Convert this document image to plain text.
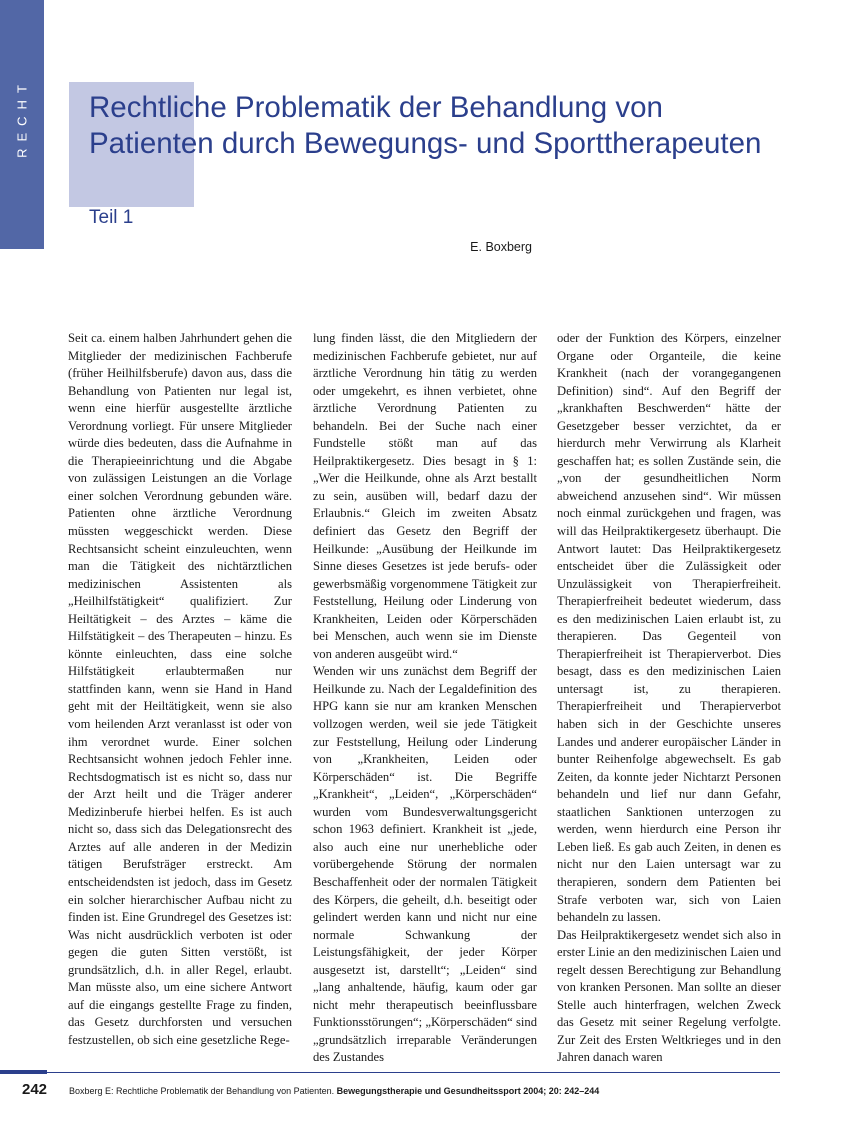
RECHT Rechtliche Problematik der Behandlung von Patienten durch Bewegungs- und Sporttherapeuten
Teil 1
E. Boxberg

Seit ca. einem halben Jahrhundert gehen die Mitglieder der medizinischen Fachberufe (früher Heilhilfsberufe) davon aus, dass die Behandlung von Patienten nur legal ist, wenn eine hierfür ausgestellte ärztliche Verordnung vorliegt. Für unsere Mitglieder würde dies bedeuten, dass die Aufnahme in die Therapieeinrichtung und die Abgabe von zulässigen Leistungen an die Vorlage einer solchen Verordnung gebunden wäre. Patienten ohne ärztliche Verordnung müssten weggeschickt werden. Diese Rechtsansicht scheint einzuleuchten, wenn man die Tätigkeit des nichtärztlichen medizinischen Assistenten als „Heilhilfstätigkeit“ qualifiziert. Zur Heiltätigkeit – des Arztes – käme die Hilfstätigkeit – des Therapeuten – hinzu. Es könnte einleuchten, dass eine solche Hilfstätigkeit erlaubtermaßen nur stattfinden kann, wenn sie Hand in Hand geht mit der Heiltätigkeit, wenn sie also vom heilenden Arzt veranlasst ist oder von ihm verordnet wurde. Einer solchen Rechtsansicht wohnen jedoch Fehler inne. Rechtsdogmatisch ist es nicht so, dass nur der Arzt heilt und die Träger anderer Medizinberufe hierbei helfen. Es ist auch nicht so, dass sich das Delegationsrecht des Arztes auf alle anderen in der Medizin tätigen Berufsträger erstreckt. Am entscheidendsten ist jedoch, dass im Gesetz ein solcher hierarchischer Aufbau nicht zu finden ist. Eine Grundregel des Gesetzes ist: Was nicht ausdrücklich verboten ist oder gegen die guten Sitten verstößt, ist grundsätzlich, d.h. in aller Regel, erlaubt. Man müsste also, um eine sichere Antwort auf die eingangs gestellte Frage zu finden, das Gesetz durchforsten und versuchen festzustellen, ob sich eine gesetzliche Rege-

lung finden lässt, die den Mitgliedern der medizinischen Fachberufe gebietet, nur auf ärztliche Verordnung hin tätig zu werden oder umgekehrt, es ihnen verbietet, ohne ärztliche Verordnung Patienten zu behandeln. Bei der Suche nach einer Fundstelle stößt man auf das Heilpraktikergesetz. Dies besagt in § 1: „Wer die Heilkunde, ohne als Arzt bestallt zu sein, ausüben will, bedarf dazu der Erlaubnis.“ Gleich im zweiten Absatz definiert das Gesetz den Begriff der Heilkunde: „Ausübung der Heilkunde im Sinne dieses Gesetzes ist jede berufs- oder gewerbsmäßig vorgenommene Tätigkeit zur Feststellung, Heilung oder Linderung von Krankheiten, Leiden oder Körperschäden bei Menschen, auch wenn sie im Dienste von anderen ausgeübt wird.“

Wenden wir uns zunächst dem Begriff der Heilkunde zu. Nach der Legaldefinition des HPG kann sie nur am kranken Menschen vollzogen werden, weil sie jede Tätigkeit zur Feststellung, Heilung oder Linderung von „Krankheiten, Leiden oder Körperschäden“ ist. Die Begriffe „Krankheit“, „Leiden“, „Körperschäden“ wurden vom Bundesverwaltungsgericht schon 1963 definiert. Krankheit ist „jede, also auch eine nur unerhebliche oder vorübergehende Störung der normalen Beschaffenheit oder der normalen Tätigkeit des Körpers, die geheilt, d.h. beseitigt oder gelindert werden kann und nicht nur eine normale Schwankung der Leistungsfähigkeit, der jeder Körper ausgesetzt ist, darstellt“; „Leiden“ sind „lang anhaltende, häufig, kaum oder gar nicht mehr therapeutisch beeinflussbare Funktionsstörungen“; „Körperschäden“ sind „grundsätzlich irreparable Veränderungen des Zustandes

oder der Funktion des Körpers, einzelner Organe oder Organteile, die keine Krankheit (nach der vorangegangenen Definition) sind“. Auf den Begriff der „krankhaften Beschwerden“ hätte der Gesetzgeber besser verzichtet, da er hierdurch mehr Verwirrung als Klarheit geschaffen hat; es sollen Zustände sein, die „von der gesundheitlichen Norm abweichend anzusehen sind“. Wir müssen noch einmal zurückgehen und fragen, was will das Heilpraktikergesetz überhaupt. Die Antwort lautet: Das Heilpraktikergesetz entscheidet über die Zulässigkeit oder Unzulässigkeit von Therapierfreiheit. Therapierfreiheit bedeutet wiederum, dass es den medizinischen Laien erlaubt ist, zu therapieren. Das Gegenteil von Therapierfreiheit ist Therapierverbot. Dies besagt, dass es den medizinischen Laien untersagt ist, zu therapieren. Therapierfreiheit und Therapierverbot haben sich in der Geschichte unseres Landes und anderer europäischer Länder in bunter Reihenfolge abgewechselt. Es gab Zeiten, da konnte jeder Nichtarzt Personen behandeln und lief nur dann Gefahr, staatlichen Sanktionen unterzogen zu werden, wenn hierdurch eine Person ihr Leben ließ. Es gab auch Zeiten, in denen es nicht nur den Laien untersagt war zu therapieren, sondern dem Patienten bei Strafe verboten war, sich von Laien behandeln zu lassen.

Das Heilpraktikergesetz wendet sich also in erster Linie an den medizinischen Laien und regelt dessen Berechtigung zur Behandlung von kranken Personen. Man sollte an dieser Stelle auch hinterfragen, welchen Zweck das Gesetz mit seiner Regelung verfolgte. Zur Zeit des Ersten Weltkrieges und in den Jahren danach waren

242 Boxberg E: Rechtliche Problematik der Behandlung von Patienten. Bewegungstherapie und Gesundheitssport 2004; 20: 242–244
